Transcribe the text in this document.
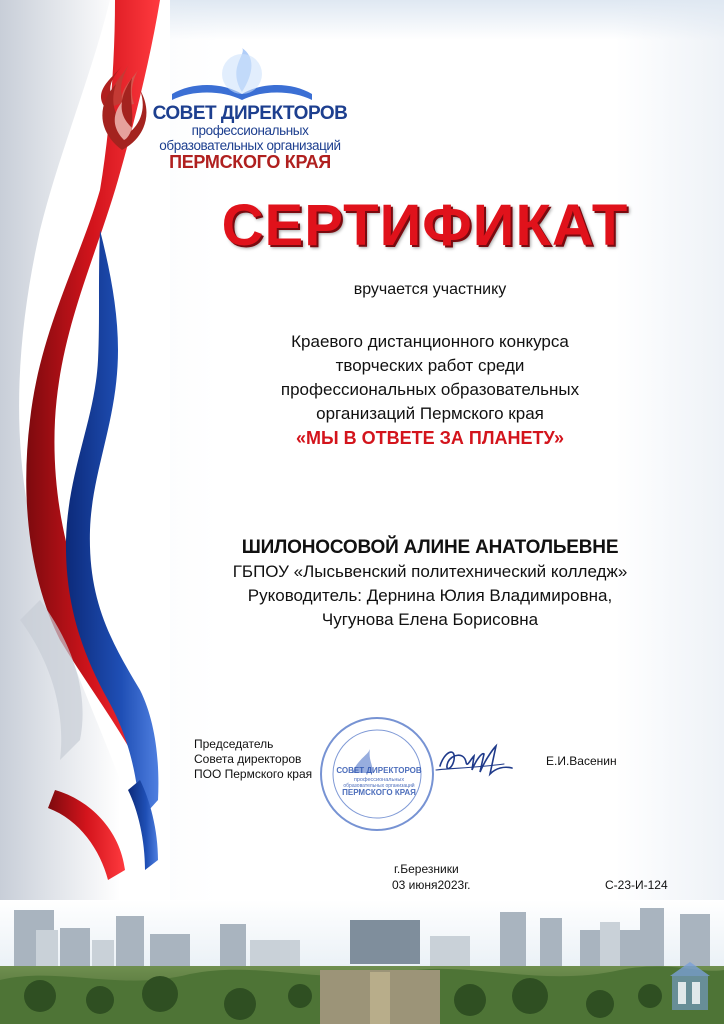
СОВЕТ ДИРЕКТОРОВ
профессиональных
образовательных организаций
ПЕРМСКОГО КРАЯ
СЕРТИФИКАТ
вручается участнику
Краевого дистанционного конкурса
творческих работ среди
профессиональных образовательных
организаций Пермского края
«МЫ В ОТВЕТЕ ЗА ПЛАНЕТУ»
ШИЛОНОСОВОЙ АЛИНЕ АНАТОЛЬЕВНЕ
ГБПОУ «Лысьвенский политехнический колледж»
Руководитель: Дернина Юлия Владимировна,
Чугунова Елена Борисовна
Председатель
Совета директоров
ПОО Пермского края	СОВЕТ ДИРЕКТОРОВ
профессиональных
образовательных организаций
ПЕРМСКОГО КРАЯ
Е.И.Васенин
г.Березники
03 июня2023г.	С-23-И-124
